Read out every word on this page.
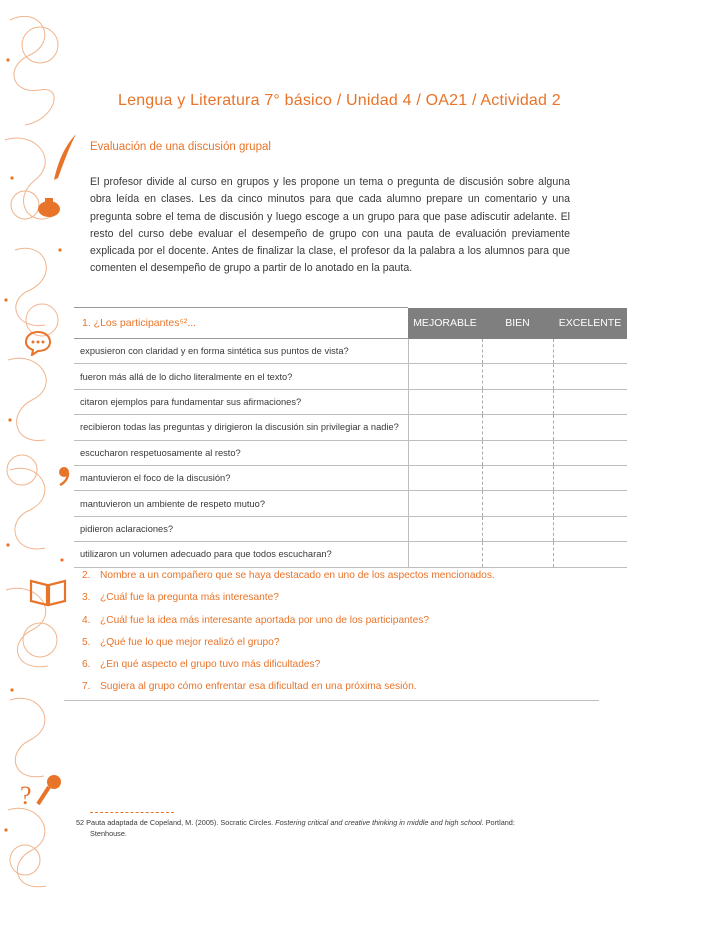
?
Lengua y Literatura 7° básico / Unidad 4 / OA21 / Actividad 2
Evaluación de una discusión grupal
El profesor divide al curso en grupos y les propone un tema o pregunta de discusión sobre alguna obra leída en clases. Les da cinco minutos para que cada alumno prepare un comentario y una pregunta sobre el tema de discusión y luego escoge a un grupo para que pase adiscutir adelante. El resto del curso debe evaluar el desempeño de grupo con una pauta de evaluación previamente explicada por el docente. Antes de finalizar la clase, el profesor da la palabra a los alumnos para que comenten el desempeño de grupo a partir de lo anotado en la pauta.
1. ¿Los participantes⁵²...	MEJORABLE	BIEN	EXCELENTE
expusieron con claridad y en forma sintética sus puntos de vista?			
fueron más allá de lo dicho literalmente en el texto?			
citaron ejemplos para fundamentar sus afirmaciones?			
recibieron todas las preguntas y dirigieron la discusión sin privilegiar a nadie?			
escucharon respetuosamente al resto?			
mantuvieron el foco de la discusión?			
mantuvieron un ambiente de respeto mutuo?			
pidieron aclaraciones?			
utilizaron un volumen adecuado para que todos escucharan?			
2. Nombre a un compañero que se haya destacado en uno de los aspectos mencionados.
3. ¿Cuál fue la pregunta más interesante?
4. ¿Cuál fue la idea más interesante aportada por uno de los participantes?
5. ¿Qué fue lo que mejor realizó el grupo?
6. ¿En qué aspecto el grupo tuvo más dificultades?
7. Sugiera al grupo cómo enfrentar esa dificultad en una próxima sesión.
52 Pauta adaptada de Copeland, M. (2005). Socratic Circles. Fostering critical and creative thinking in middle and high school. Portland:
Stenhouse.
